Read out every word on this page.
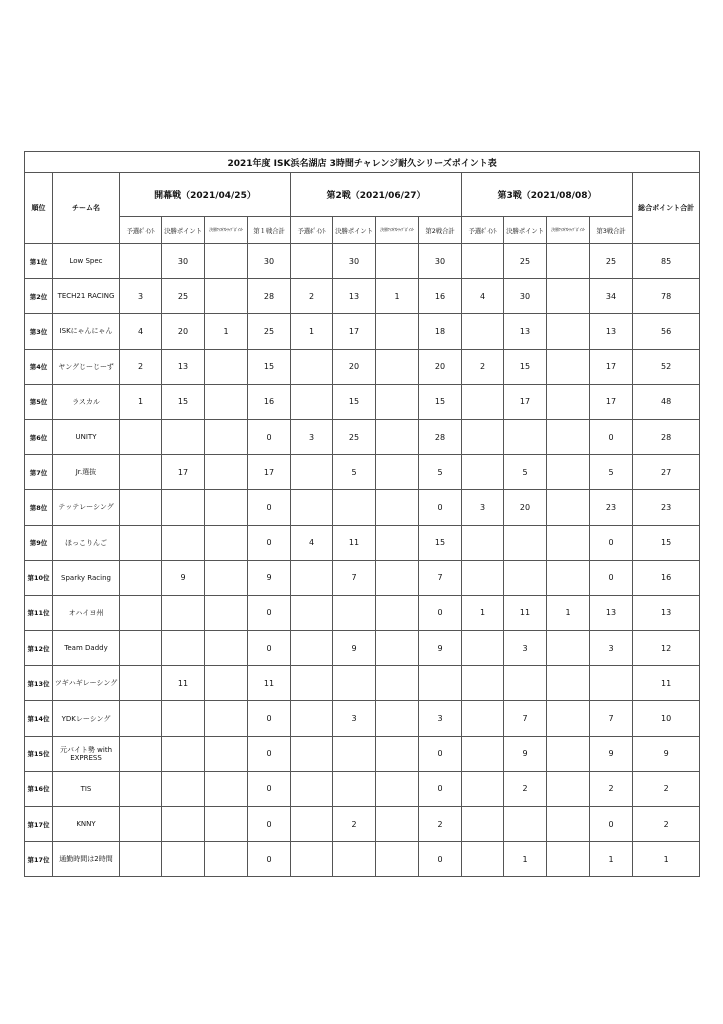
2021年度 ISK浜名湖店 3時間チャレンジ耐久シリーズポイント表														
順位	チーム名	開幕戦（2021/04/25）				第2戦（2021/06/27）				第3戦（2021/08/08）				総合ポイント合計
		予選ﾎﾟｲﾝﾄ	決勝ポイント	決勝ﾌｧｽﾃｽﾄﾗｯﾌﾟﾎﾟｲﾝﾄ	第１戦合計	予選ﾎﾟｲﾝﾄ	決勝ポイント	決勝ﾌｧｽﾃｽﾄﾗｯﾌﾟﾎﾟｲﾝﾄ	第2戦合計	予選ﾎﾟｲﾝﾄ	決勝ポイント	決勝ﾌｧｽﾃｽﾄﾗｯﾌﾟﾎﾟｲﾝﾄ	第3戦合計	
第1位	Low Spec		30		30		30		30		25		25	85
第2位	TECH21 RACING	3	25		28	2	13	1	16	4	30		34	78
第3位	ISKにゃんにゃん	4	20	1	25	1	17		18		13		13	56
第4位	ヤングじーじーず	2	13		15		20		20	2	15		17	52
第5位	ラスカル	1	15		16		15		15		17		17	48
第6位	UNITY				0	3	25		28				0	28
第7位	Jr.選抜		17		17		5		5		5		5	27
第8位	テッテレーシング				0				0	3	20		23	23
第9位	ほっこりんご				0	4	11		15				0	15
第10位	Sparky Racing		9		9		7		7				0	16
第11位	オハイヨ州				0				0	1	11	1	13	13
第12位	Team Daddy				0		9		9		3		3	12
第13位	ツギハギレーシング		11		11									11
第14位	YDKレーシング				0		3		3		7		7	10
第15位	元バイト勢 with EXPRESS				0				0		9		9	9
第16位	TIS				0				0		2		2	2
第17位	KNNY				0		2		2				0	2
第17位	通勤時間は2時間				0				0		1		1	1
